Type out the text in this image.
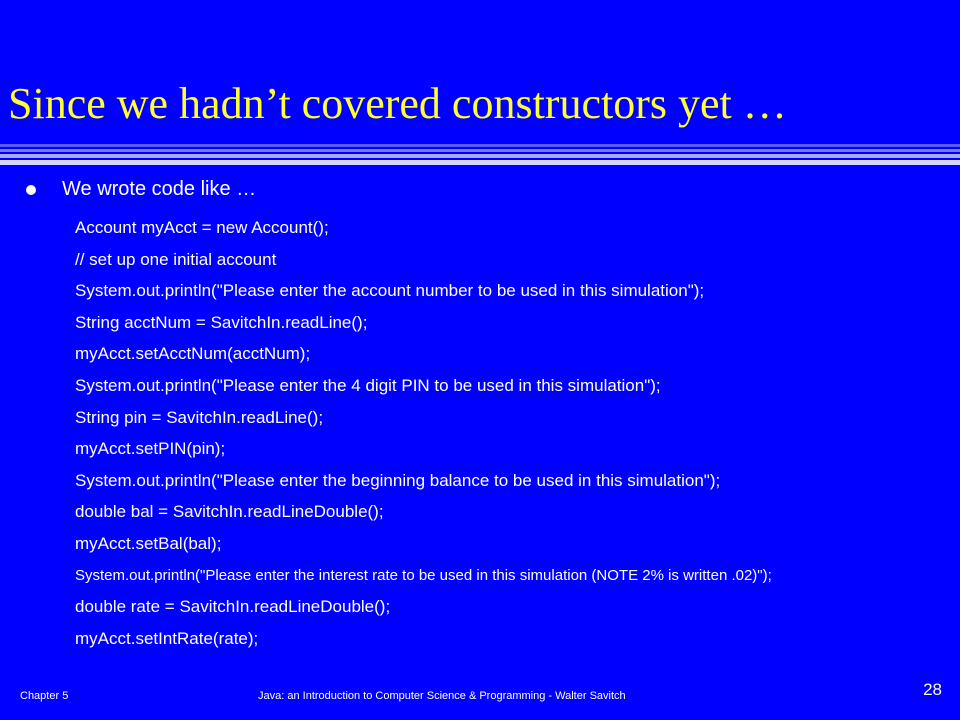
Since we hadn’t covered constructors yet …
We wrote code like …
Account myAcct = new Account();
// set up one initial account
System.out.println("Please enter the account number to be used in this simulation");
String acctNum = SavitchIn.readLine();
myAcct.setAcctNum(acctNum);
System.out.println("Please enter the 4 digit PIN to be used in this simulation");
String pin = SavitchIn.readLine();
myAcct.setPIN(pin);
System.out.println("Please enter the beginning balance to be used in this simulation");
double bal = SavitchIn.readLineDouble();
myAcct.setBal(bal);
System.out.println("Please enter the interest rate to be used in this simulation (NOTE 2% is written .02)");
double rate = SavitchIn.readLineDouble();
myAcct.setIntRate(rate);
Chapter 5	Java: an Introduction to Computer Science & Programming - Walter Savitch	28
